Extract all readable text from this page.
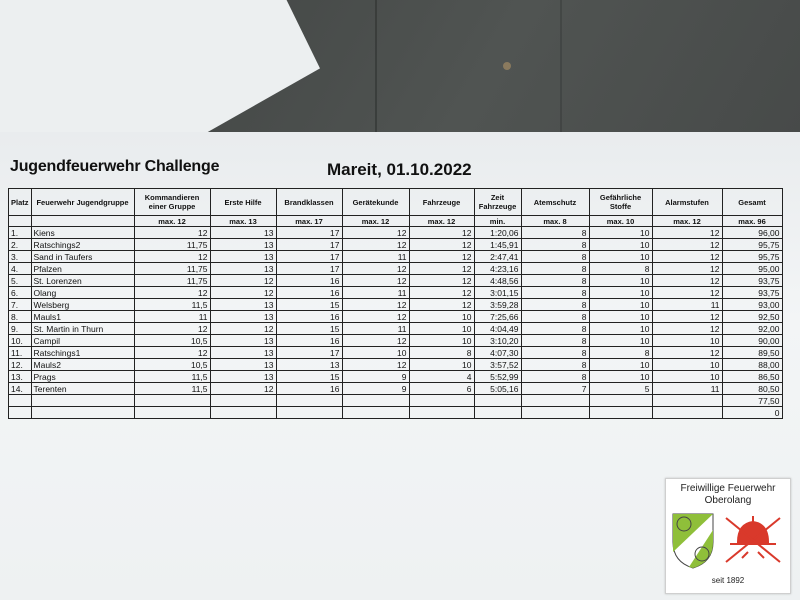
Jugendfeuerwehr Challenge	Mareit, 01.10.2022
Platz	Feuerwehr Jugendgruppe	Kommandieren einer Gruppe	Erste Hilfe	Brandklassen	Gerätekunde	Fahrzeuge	Zeit Fahrzeuge	Atemschutz	Gefährliche Stoffe	Alarmstufen	Gesamt
		max. 12	max. 13	max. 17	max. 12	max. 12	min.	max. 8	max. 10	max. 12	max. 96
1.	Kiens	12	13	17	12	12	1:20,06	8	10	12	96,00
2.	Ratschings2	11,75	13	17	12	12	1:45,91	8	10	12	95,75
3.	Sand in Taufers	12	13	17	11	12	2:47,41	8	10	12	95,75
4.	Pfalzen	11,75	13	17	12	12	4:23,16	8	8	12	95,00
5.	St. Lorenzen	11,75	12	16	12	12	4:48,56	8	10	12	93,75
6.	Olang	12	12	16	11	12	3:01,15	8	10	12	93,75
7.	Welsberg	11,5	13	15	12	12	3:59,28	8	10	11	93,00
8.	Mauls1	11	13	16	12	10	7:25,66	8	10	12	92,50
9.	St. Martin in Thurn	12	12	15	11	10	4:04,49	8	10	12	92,00
10.	Campil	10,5	13	16	12	10	3:10,20	8	10	10	90,00
11.	Ratschings1	12	13	17	10	8	4:07,30	8	8	12	89,50
12.	Mauls2	10,5	13	13	12	10	3:57,52	8	10	10	88,00
13.	Prags	11,5	13	15	9	4	5:52,99	8	10	10	86,50
14.	Terenten	11,5	12	16	9	6	5:05,16	7	5	11	80,50
											77,50
											0
Freiwillige Feuerwehr
Oberolang
seit 1892
